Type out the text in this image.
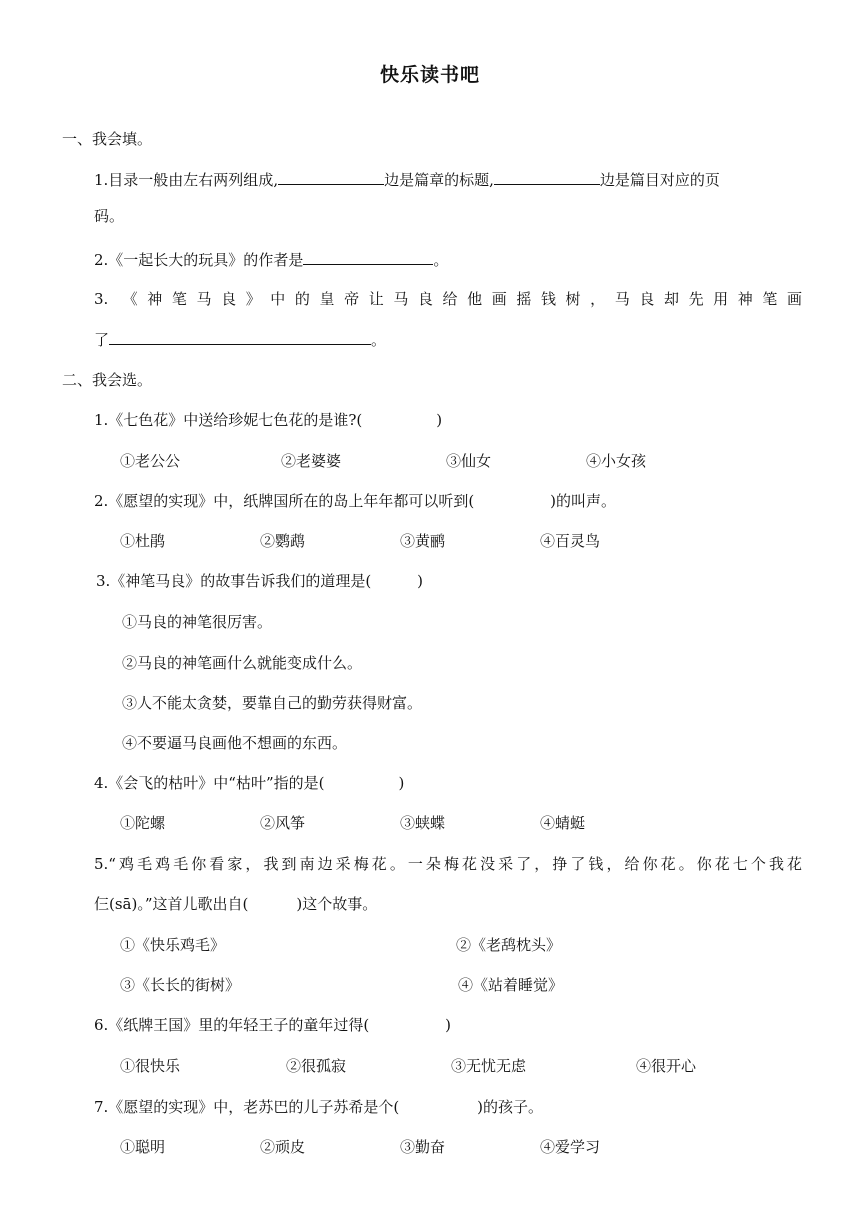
快乐读书吧
一、我会填。
1.目录一般由左右两列组成,	边是篇章的标题,	边是篇目对应的页
码。
2.《一起长大的玩具》的作者是	。
3. 《神笔马良》中的皇帝让马良给他画摇钱树，马良却先用神笔画
了	。
二、我会选。
1.《七色花》中送给珍妮七色花的是谁?(	)
①老公公	②老婆婆	③仙女	④小女孩
2.《愿望的实现》中，纸牌国所在的岛上年年都可以听到(	)的叫声。
①杜鹃	②鹦鹉	③黄鹂	④百灵鸟
3.《神笔马良》的故事告诉我们的道理是(	)
①马良的神笔很厉害。
②马良的神笔画什么就能变成什么。
③人不能太贪婪，要靠自己的勤劳获得财富。
④不要逼马良画他不想画的东西。
4.《会飞的枯叶》中“枯叶”指的是(	)
①陀螺	②风筝	③蛱蝶	④蜻蜓
5.“鸡毛鸡毛你看家，我到南边采梅花。一朵梅花没采了，挣了钱，给你花。你花七个我花
仨(sā)。”这首儿歌出自(	)这个故事。
①《快乐鸡毛》	②《老鸹枕头》
③《长长的街树》	④《站着睡觉》
6.《纸牌王国》里的年轻王子的童年过得(	)
①很快乐	②很孤寂	③无忧无虑	④很开心
7.《愿望的实现》中，老苏巴的儿子苏希是个(	)的孩子。
①聪明	②顽皮	③勤奋	④爱学习
